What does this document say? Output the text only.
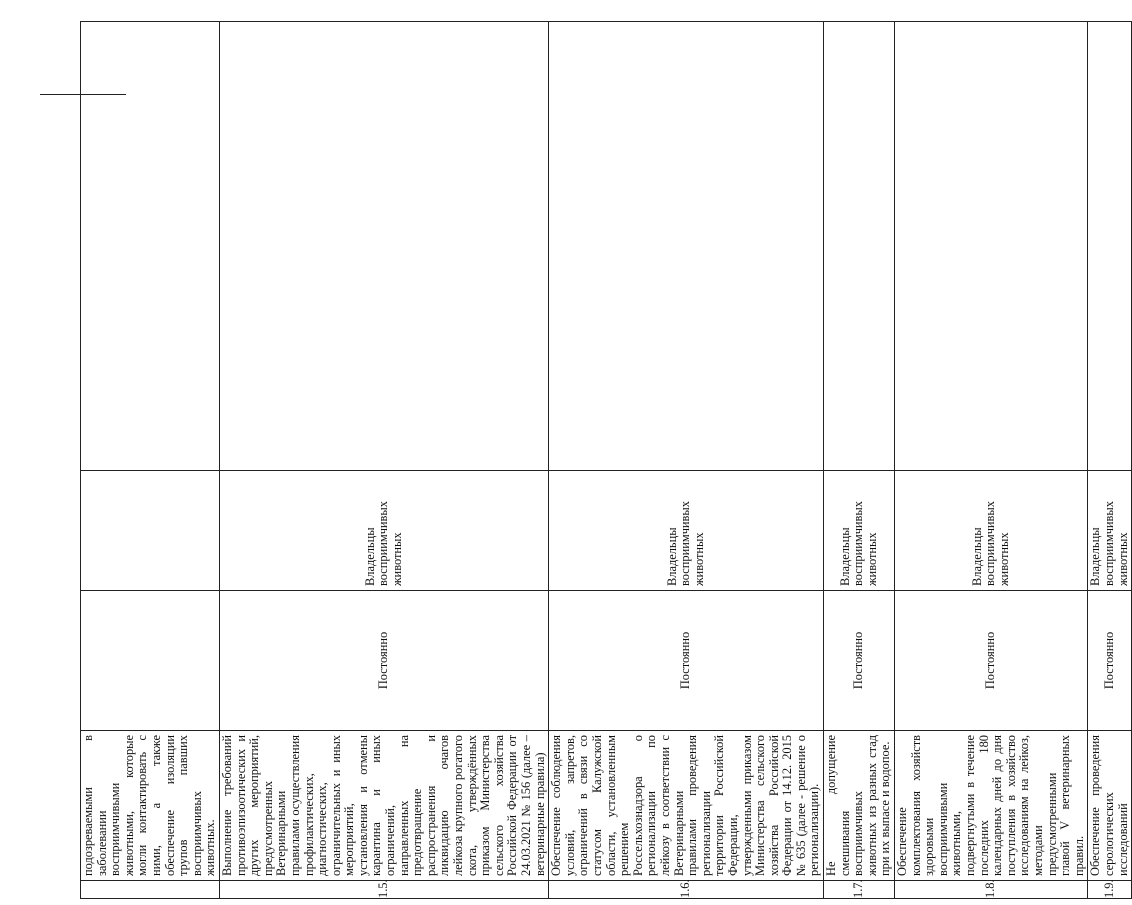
	подозреваемыми в заболевании восприимчивыми животными, которые могли контактировать с ними, а также обеспечение изоляции трупов павших восприимчивых животных.			

1.5.	Выполнение требований противоэпизоотических и других мероприятий, предусмотренных Ветеринарными правилами осуществления профилактических, диагностических, ограничительных и иных мероприятий, установления и отмены карантина и иных ограничений, направленных на предотвращение распространения и ликвидацию очагов лейкоза крупного рогатого скота, утверждённых приказом Министерства сельского хозяйства Российской Федерации от 24.03.2021 № 156 (далее – ветеринарные правила)	Постоянно	Владельцы восприимчивых животных	
1.6.	Обеспечение соблюдения условий, запретов, ограничений в связи со статусом Калужской области, установленным решением Россельхознадзора о регионализации по лейкозу в соответствии с Ветеринарными правилами проведения регионализации территории Российской Федерации, утвержденными приказом Министерства сельского хозяйства Российской Федерации от 14.12. 2015 № 635 (далее - решение о регионализации).	Постоянно	Владельцы восприимчивых животных	
1.7.	Не допущение смешивания восприимчивых животных из разных стад при их выпасе и водопое.	Постоянно	Владельцы восприимчивых животных	
1.8.	Обеспечение комплектования хозяйств здоровыми восприимчивыми животными, подвергнутыми в течение последних 180 календарных дней до дня поступления в хозяйство исследованиям на лейкоз, методами предусмотренными главой V ветеринарных правил.	Постоянно	Владельцы восприимчивых животных	
1.9.	Обеспечение проведения серологических исследований	Постоянно	Владельцы восприимчивых животных	
